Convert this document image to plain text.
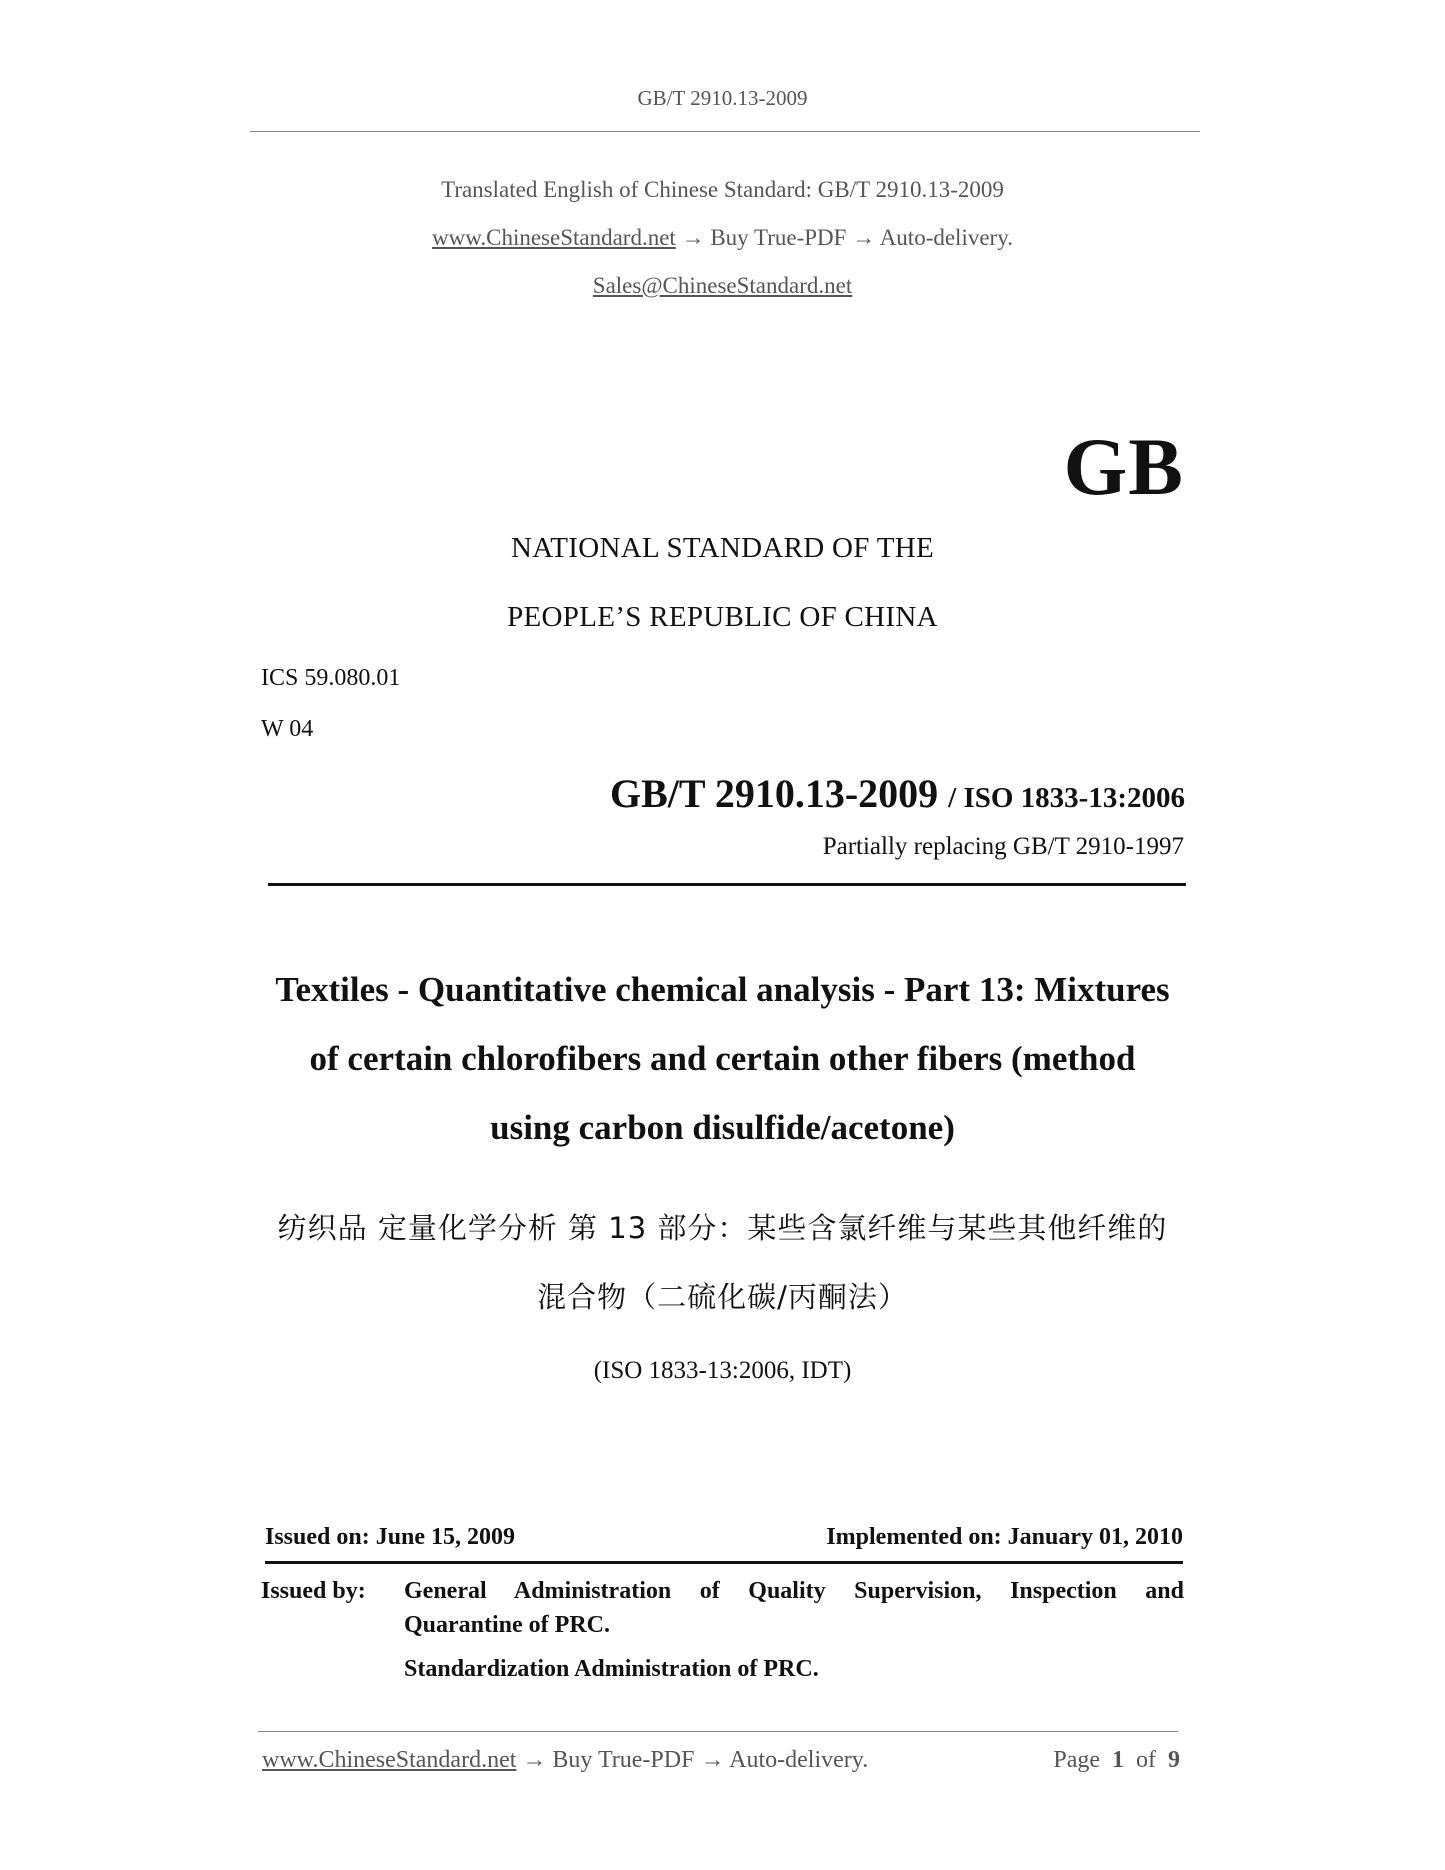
GB/T 2910.13-2009
Translated English of Chinese Standard: GB/T 2910.13-2009
www.ChineseStandard.net → Buy True-PDF → Auto-delivery.
Sales@ChineseStandard.net
GB
NATIONAL STANDARD OF THE
PEOPLE’S REPUBLIC OF CHINA
ICS 59.080.01
W 04
GB/T 2910.13-2009 / ISO 1833-13:2006
Partially replacing GB/T 2910-1997
Textiles - Quantitative chemical analysis - Part 13: Mixtures
of certain chlorofibers and certain other fibers (method
using carbon disulfide/acetone)
纺织品 定量化学分析 第 13 部分：某些含氯纤维与某些其他纤维的
混合物（二硫化碳/丙酮法）
(ISO 1833-13:2006, IDT)
Issued on: June 15, 2009	Implemented on: January 01, 2010
Issued by: General Administration of Quality Supervision, Inspection and
Quarantine of PRC.
Standardization Administration of PRC.
www.ChineseStandard.net → Buy True-PDF → Auto-delivery.	Page 1 of 9
